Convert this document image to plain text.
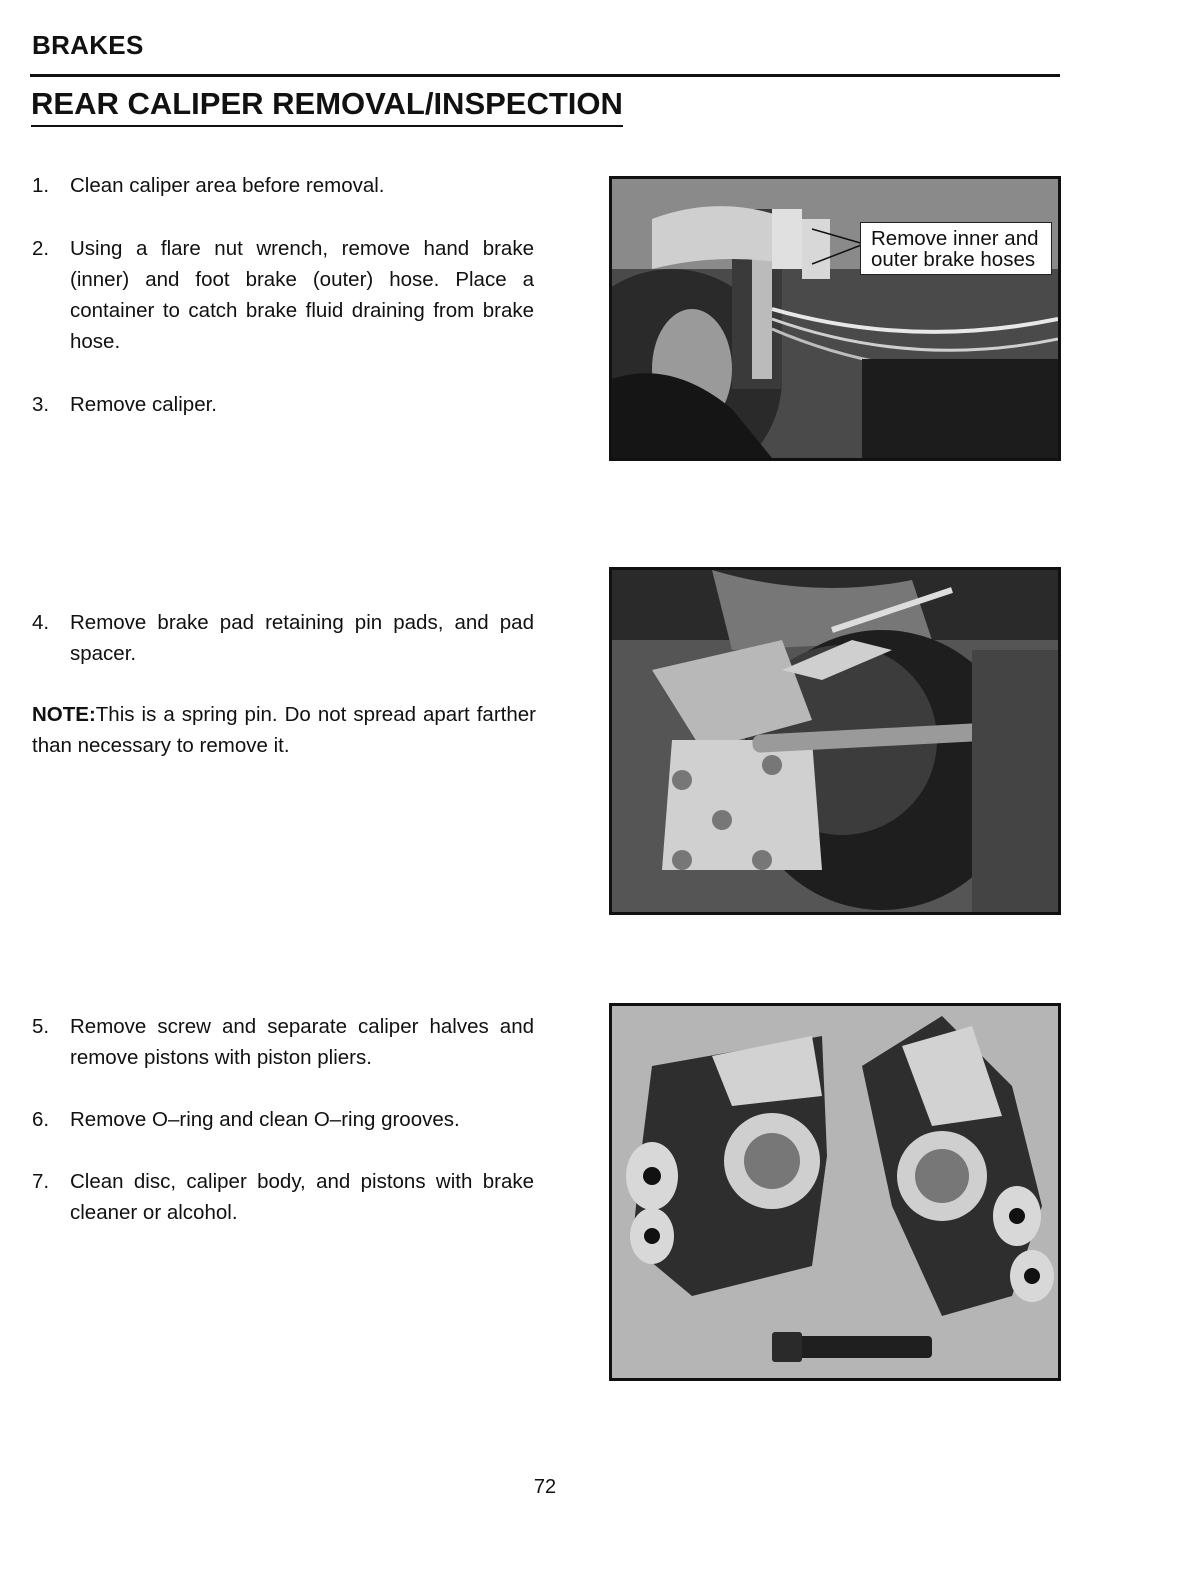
BRAKES
REAR CALIPER REMOVAL/INSPECTION
1.	Clean caliper area before removal.
2.	Using a flare nut wrench, remove hand brake (inner) and foot brake (outer) hose. Place a container to catch brake fluid draining from brake hose.
3.	Remove caliper.
4.	Remove brake pad retaining pin pads, and pad spacer.
NOTE:This is a spring pin. Do not spread apart farther than necessary to remove it.
5.	Remove screw and separate caliper halves and remove pistons with piston pliers.
6.	Remove O–ring and clean O–ring grooves.
7.	Clean disc, caliper body, and pistons with brake cleaner or alcohol.
Remove inner and outer brake hoses
72
